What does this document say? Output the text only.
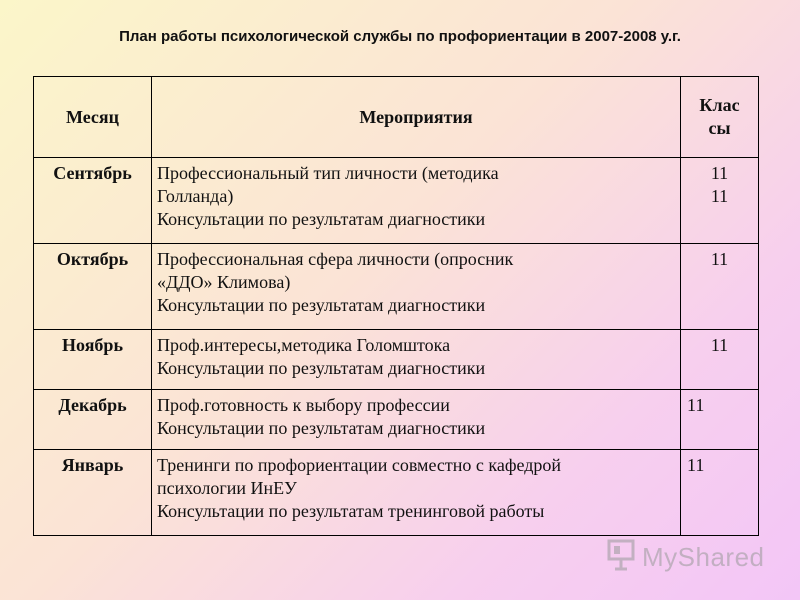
План работы психологической службы по профориентации в 2007-2008 у.г.
Месяц	Мероприятия	Клас
сы

Сентябрь	Профессиональный тип личности (методика
Голланда)
Консультации по результатам диагностики	11
11

Октябрь	Профессиональная сфера личности (опросник
«ДДО» Климова)
Консультации по результатам диагностики	11

Ноябрь	Проф.интересы,методика Голомштока
Консультации по результатам диагностики	11

Декабрь	Проф.готовность к выбору профессии
Консультации по результатам диагностики	11

Январь	Тренинги по профориентации совместно с кафедрой
психологии ИнЕУ
Консультации по результатам тренинговой работы	11
MyShared
